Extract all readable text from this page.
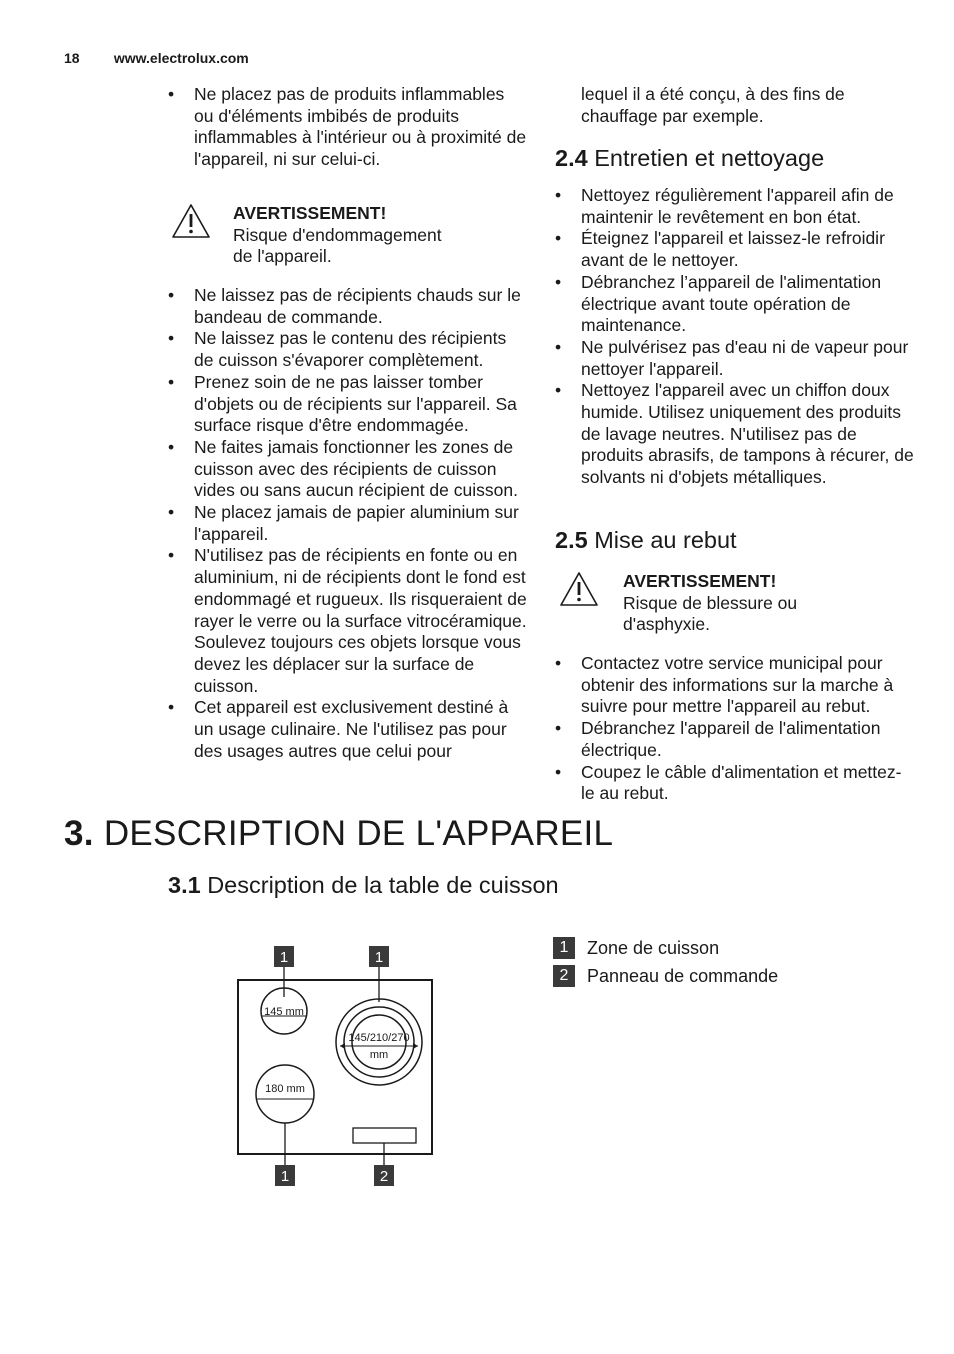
18 www.electrolux.com
• Ne placez pas de produits inflammables ou d'éléments imbibés de produits inflammables à l'intérieur ou à proximité de l'appareil, ni sur celui-ci.
AVERTISSEMENT!
Risque d'endommagement
de l'appareil.
• Ne laissez pas de récipients chauds sur le bandeau de commande.
• Ne laissez pas le contenu des récipients de cuisson s'évaporer complètement.
• Prenez soin de ne pas laisser tomber d'objets ou de récipients sur l'appareil. Sa surface risque d'être endommagée.
• Ne faites jamais fonctionner les zones de cuisson avec des récipients de cuisson vides ou sans aucun récipient de cuisson.
• Ne placez jamais de papier aluminium sur l'appareil.
• N'utilisez pas de récipients en fonte ou en aluminium, ni de récipients dont le fond est endommagé et rugueux. Ils risqueraient de rayer le verre ou la surface vitrocéramique. Soulevez toujours ces objets lorsque vous devez les déplacer sur la surface de cuisson.
• Cet appareil est exclusivement destiné à un usage culinaire. Ne l'utilisez pas pour des usages autres que celui pour
lequel il a été conçu, à des fins de chauffage par exemple.
2.4 Entretien et nettoyage
• Nettoyez régulièrement l'appareil afin de maintenir le revêtement en bon état.
• Éteignez l'appareil et laissez-le refroidir avant de le nettoyer.
• Débranchez l’appareil de l'alimentation électrique avant toute opération de maintenance.
• Ne pulvérisez pas d'eau ni de vapeur pour nettoyer l'appareil.
• Nettoyez l'appareil avec un chiffon doux humide. Utilisez uniquement des produits de lavage neutres. N'utilisez pas de produits abrasifs, de tampons à récurer, de solvants ni d'objets métalliques.
2.5 Mise au rebut
AVERTISSEMENT!
Risque de blessure ou
d'asphyxie.
• Contactez votre service municipal pour obtenir des informations sur la marche à suivre pour mettre l'appareil au rebut.
• Débranchez l'appareil de l'alimentation électrique.
• Coupez le câble d'alimentation et mettez-le au rebut.
3. DESCRIPTION DE L'APPAREIL
3.1 Description de la table de cuisson
1	1
145 mm
145/210/270
mm
180 mm
1	2
1	Zone de cuisson
2	Panneau de commande
